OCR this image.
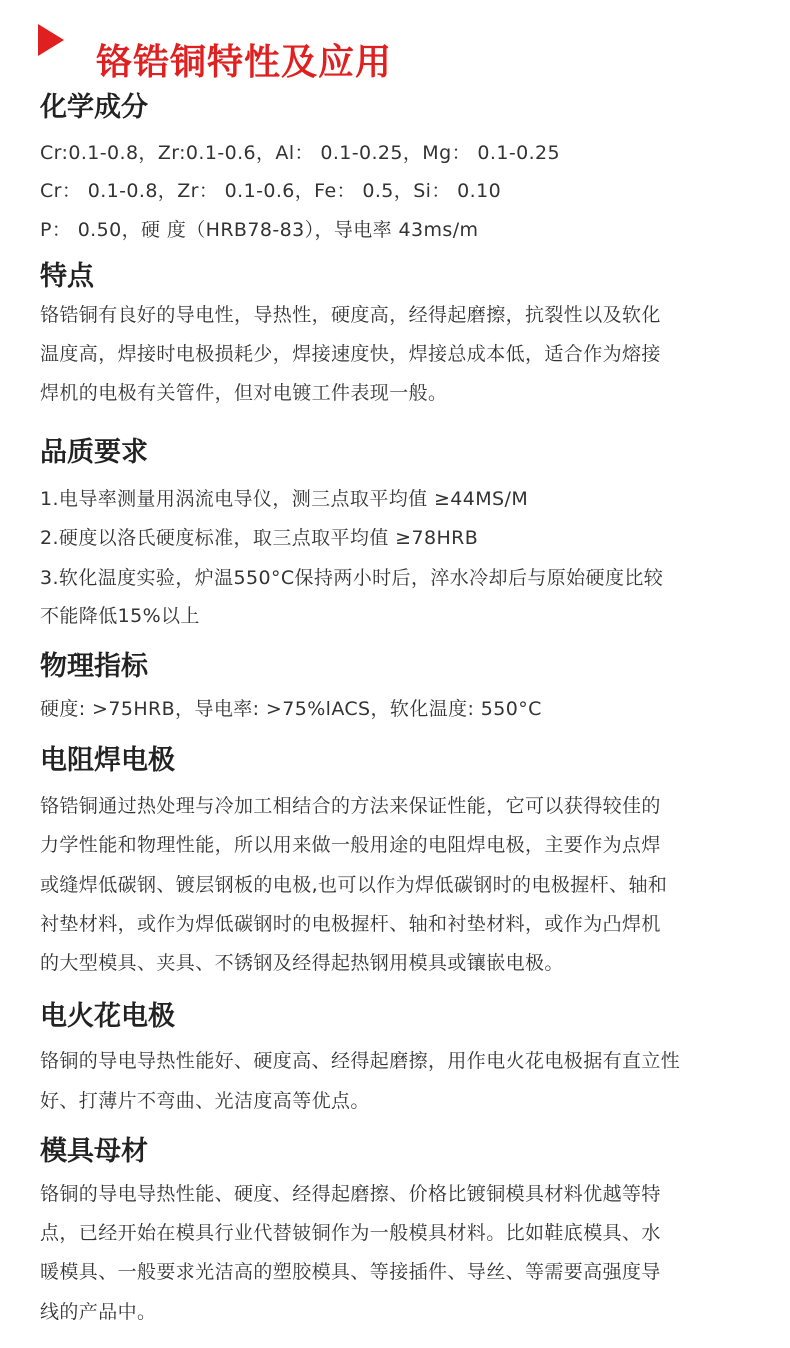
铬锆铜特性及应用
化学成分

Cr:0.1-0.8，Zr:0.1-0.6，Al： 0.1-0.25，Mg： 0.1-0.25

Cr： 0.1-0.8，Zr： 0.1-0.6，Fe： 0.5，Si： 0.10

P： 0.50，硬 度（HRB78-83），导电率 43ms/m

特点

铬锆铜有良好的导电性，导热性，硬度高，经得起磨擦，抗裂性以及软化

温度高，焊接时电极损耗少，焊接速度快，焊接总成本低，适合作为熔接

焊机的电极有关管件，但对电镀工件表现一般。

品质要求

1.电导率测量用涡流电导仪，测三点取平均值 ≥44MS/M

2.硬度以洛氏硬度标准，取三点取平均值 ≥78HRB

3.软化温度实验，炉温550°C保持两小时后，淬水冷却后与原始硬度比较

不能降低15%以上

物理指标

硬度: >75HRB，导电率: >75%lACS，软化温度: 550°C

电阻焊电极

铬锆铜通过热处理与冷加工相结合的方法来保证性能，它可以获得较佳的

力学性能和物理性能，所以用来做一般用途的电阻焊电极，主要作为点焊

或缝焊低碳钢、镀层钢板的电极,也可以作为焊低碳钢时的电极握杆、轴和

衬垫材料，或作为焊低碳钢时的电极握杆、轴和衬垫材料，或作为凸焊机

的大型模具、夹具、不锈钢及经得起热钢用模具或镶嵌电极。

电火花电极

铬铜的导电导热性能好、硬度高、经得起磨擦，用作电火花电极据有直立性

好、打薄片不弯曲、光洁度高等优点。

模具母材

铬铜的导电导热性能、硬度、经得起磨擦、价格比镀铜模具材料优越等特

点，已经开始在模具行业代替铍铜作为一般模具材料。比如鞋底模具、水

暖模具、一般要求光洁高的塑胶模具、等接插件、导丝、等需要高强度导

线的产品中。
